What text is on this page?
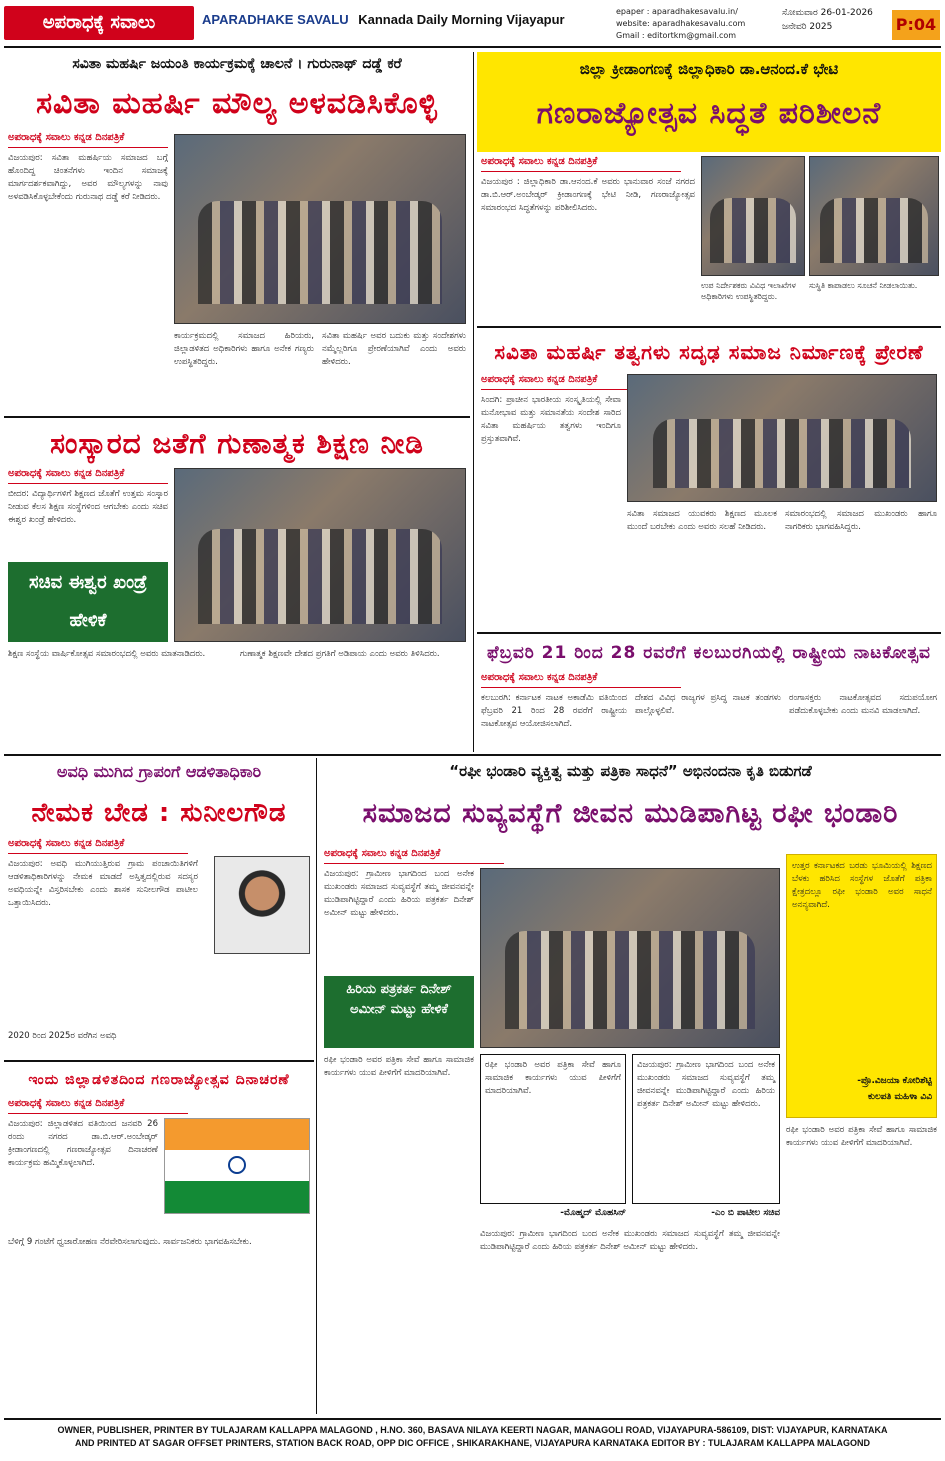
ಅಪರಾಧಕ್ಕೆ ಸವಾಲು	APARADHAKE SAVALU Kannada Daily Morning Vijayapur
epaper : aparadhakesavalu.in/
website: aparadhakesavalu.com
Gmail : editortkm@gmail.com
ಸೋಮವಾರ 26-01-2026
ಜನೇವರಿ 2025	P:04
ಸವಿತಾ ಮಹರ್ಷಿ ಜಯಂತಿ ಕಾರ್ಯಕ್ರಮಕ್ಕೆ ಚಾಲನೆ । ಗುರುನಾಥ್ ದಡ್ಡೆ ಕರೆ
ಸವಿತಾ ಮಹರ್ಷಿ ಮೌಲ್ಯ ಅಳವಡಿಸಿಕೊಳ್ಳಿ
ಅಪರಾಧಕ್ಕೆ ಸವಾಲು ಕನ್ನಡ ದಿನಪತ್ರಿಕೆ
ವಿಜಯಪುರ: ಸವಿತಾ ಮಹರ್ಷಿಯ ಸಮಾಜದ ಬಗ್ಗೆ ಹೊಂದಿದ್ದ ಚಿಂತನೆಗಳು ಇಂದಿನ ಸಮಾಜಕ್ಕೆ ಮಾರ್ಗದರ್ಶಕವಾಗಿದ್ದು, ಅವರ ಮೌಲ್ಯಗಳನ್ನು ನಾವು ಅಳವಡಿಸಿಕೊಳ್ಳಬೇಕೆಂದು ಗುರುನಾಥ ದಡ್ಡೆ ಕರೆ ನೀಡಿದರು.
ಕಾರ್ಯಕ್ರಮದಲ್ಲಿ ಸಮಾಜದ ಹಿರಿಯರು, ಜಿಲ್ಲಾಡಳಿತದ ಅಧಿಕಾರಿಗಳು ಹಾಗೂ ಅನೇಕ ಗಣ್ಯರು ಉಪಸ್ಥಿತರಿದ್ದರು.
ಸವಿತಾ ಮಹರ್ಷಿ ಅವರ ಬದುಕು ಮತ್ತು ಸಂದೇಶಗಳು ನಮ್ಮೆಲ್ಲರಿಗೂ ಪ್ರೇರಣೆಯಾಗಿವೆ ಎಂದು ಅವರು ಹೇಳಿದರು.
ಜಿಲ್ಲಾ ಕ್ರೀಡಾಂಗಣಕ್ಕೆ ಜಿಲ್ಲಾಧಿಕಾರಿ ಡಾ.ಆನಂದ.ಕೆ ಭೇಟಿ
ಗಣರಾಜ್ಯೋತ್ಸವ ಸಿದ್ಧತೆ ಪರಿಶೀಲನೆ
ಅಪರಾಧಕ್ಕೆ ಸವಾಲು ಕನ್ನಡ ದಿನಪತ್ರಿಕೆ
ವಿಜಯಪುರ : ಜಿಲ್ಲಾಧಿಕಾರಿ ಡಾ.ಆನಂದ.ಕೆ ಅವರು ಭಾನುವಾರ ಸಂಜೆ ನಗರದ ಡಾ.ಬಿ.ಆರ್.ಅಂಬೇಡ್ಕರ್ ಕ್ರೀಡಾಂಗಣಕ್ಕೆ ಭೇಟಿ ನೀಡಿ, ಗಣರಾಜ್ಯೋತ್ಸವ ಸಮಾರಂಭದ ಸಿದ್ಧತೆಗಳನ್ನು ಪರಿಶೀಲಿಸಿದರು.
ಉಪ ನಿರ್ದೇಶಕರು ವಿವಿಧ ಇಲಾಖೆಗಳ ಅಧಿಕಾರಿಗಳು ಉಪಸ್ಥಿತರಿದ್ದರು.
ಸುಸ್ಥಿತಿ ಕಾಪಾಡಲು ಸೂಚನೆ ನೀಡಲಾಯಿತು.
ಸವಿತಾ ಮಹರ್ಷಿ ತತ್ವಗಳು ಸದೃಢ ಸಮಾಜ ನಿರ್ಮಾಣಕ್ಕೆ ಪ್ರೇರಣೆ
ಅಪರಾಧಕ್ಕೆ ಸವಾಲು ಕನ್ನಡ ದಿನಪತ್ರಿಕೆ
ಸಿಂದಗಿ: ಪ್ರಾಚೀನ ಭಾರತೀಯ ಸಂಸ್ಕೃತಿಯಲ್ಲಿ ಸೇವಾ ಮನೋಭಾವ ಮತ್ತು ಸಮಾನತೆಯ ಸಂದೇಶ ಸಾರಿದ ಸವಿತಾ ಮಹರ್ಷಿಯ ತತ್ವಗಳು ಇಂದಿಗೂ ಪ್ರಸ್ತುತವಾಗಿವೆ.
ಸವಿತಾ ಸಮಾಜದ ಯುವಕರು ಶಿಕ್ಷಣದ ಮೂಲಕ ಮುಂದೆ ಬರಬೇಕು ಎಂದು ಅವರು ಸಲಹೆ ನೀಡಿದರು.
ಸಮಾರಂಭದಲ್ಲಿ ಸಮಾಜದ ಮುಖಂಡರು ಹಾಗೂ ನಾಗರಿಕರು ಭಾಗವಹಿಸಿದ್ದರು.
ಸಂಸ್ಕಾರದ ಜತೆಗೆ ಗುಣಾತ್ಮಕ ಶಿಕ್ಷಣ ನೀಡಿ
ಅಪರಾಧಕ್ಕೆ ಸವಾಲು ಕನ್ನಡ ದಿನಪತ್ರಿಕೆ
ಬೀದರ: ವಿದ್ಯಾರ್ಥಿಗಳಿಗೆ ಶಿಕ್ಷಣದ ಜೊತೆಗೆ ಉತ್ತಮ ಸಂಸ್ಕಾರ ನೀಡುವ ಕೆಲಸ ಶಿಕ್ಷಣ ಸಂಸ್ಥೆಗಳಿಂದ ಆಗಬೇಕು ಎಂದು ಸಚಿವ ಈಶ್ವರ ಖಂಡ್ರೆ ಹೇಳಿದರು.
ಸಚಿವ ಈಶ್ವರ ಖಂಡ್ರೆ ಹೇಳಿಕೆ
ಶಿಕ್ಷಣ ಸಂಸ್ಥೆಯ ವಾರ್ಷಿಕೋತ್ಸವ ಸಮಾರಂಭದಲ್ಲಿ ಅವರು ಮಾತನಾಡಿದರು.	ಗುಣಾತ್ಮಕ ಶಿಕ್ಷಣವೇ ದೇಶದ ಪ್ರಗತಿಗೆ ಅಡಿಪಾಯ ಎಂದು ಅವರು ತಿಳಿಸಿದರು.	ಫೆಬ್ರವರಿ 21 ರಿಂದ 28 ರವರೆಗೆ ಕಲಬುರಗಿಯಲ್ಲಿ ರಾಷ್ಟ್ರೀಯ ನಾಟಕೋತ್ಸವ
ಅಪರಾಧಕ್ಕೆ ಸವಾಲು ಕನ್ನಡ ದಿನಪತ್ರಿಕೆ
ಕಲಬುರಗಿ: ಕರ್ನಾಟಕ ನಾಟಕ ಅಕಾಡೆಮಿ ವತಿಯಿಂದ ಫೆಬ್ರವರಿ 21 ರಿಂದ 28 ರವರೆಗೆ ರಾಷ್ಟ್ರೀಯ ನಾಟಕೋತ್ಸವ ಆಯೋಜಿಸಲಾಗಿದೆ.
ದೇಶದ ವಿವಿಧ ರಾಜ್ಯಗಳ ಪ್ರಸಿದ್ಧ ನಾಟಕ ತಂಡಗಳು ಪಾಲ್ಗೊಳ್ಳಲಿವೆ.
ರಂಗಾಸಕ್ತರು ನಾಟಕೋತ್ಸವದ ಸದುಪಯೋಗ ಪಡೆದುಕೊಳ್ಳಬೇಕು ಎಂದು ಮನವಿ ಮಾಡಲಾಗಿದೆ.
ಅವಧಿ ಮುಗಿದ ಗ್ರಾಪಂಗೆ ಆಡಳಿತಾಧಿಕಾರಿ
ನೇಮಕ ಬೇಡ : ಸುನೀಲಗೌಡ
ಅಪರಾಧಕ್ಕೆ ಸವಾಲು ಕನ್ನಡ ದಿನಪತ್ರಿಕೆ
ವಿಜಯಪುರ: ಅವಧಿ ಮುಗಿಯುತ್ತಿರುವ ಗ್ರಾಮ ಪಂಚಾಯಿತಿಗಳಿಗೆ ಆಡಳಿತಾಧಿಕಾರಿಗಳನ್ನು ನೇಮಕ ಮಾಡದೆ ಅಸ್ತಿತ್ವದಲ್ಲಿರುವ ಸದಸ್ಯರ ಅವಧಿಯನ್ನೇ ವಿಸ್ತರಿಸಬೇಕು ಎಂದು ಶಾಸಕ ಸುನೀಲಗೌಡ ಪಾಟೀಲ ಒತ್ತಾಯಿಸಿದರು.
2020 ರಿಂದ 2025ರ ವರೆಗಿನ ಅವಧಿ
ಇಂದು ಜಿಲ್ಲಾಡಳಿತದಿಂದ ಗಣರಾಜ್ಯೋತ್ಸವ ದಿನಾಚರಣೆ
ಅಪರಾಧಕ್ಕೆ ಸವಾಲು ಕನ್ನಡ ದಿನಪತ್ರಿಕೆ
ವಿಜಯಪುರ: ಜಿಲ್ಲಾಡಳಿತದ ವತಿಯಿಂದ ಜನವರಿ 26 ರಂದು ನಗರದ ಡಾ.ಬಿ.ಆರ್.ಅಂಬೇಡ್ಕರ್ ಕ್ರೀಡಾಂಗಣದಲ್ಲಿ ಗಣರಾಜ್ಯೋತ್ಸವ ದಿನಾಚರಣೆ ಕಾರ್ಯಕ್ರಮ ಹಮ್ಮಿಕೊಳ್ಳಲಾಗಿದೆ.
ಬೆಳಿಗ್ಗೆ 9 ಗಂಟೆಗೆ ಧ್ವಜಾರೋಹಣ ನೆರವೇರಿಸಲಾಗುವುದು. ಸಾರ್ವಜನಿಕರು ಭಾಗವಹಿಸಬೇಕು.
“ರಫೀ ಭಂಡಾರಿ ವ್ಯಕ್ತಿತ್ವ ಮತ್ತು ಪತ್ರಿಕಾ ಸಾಧನೆ” ಅಭಿನಂದನಾ ಕೃತಿ ಬಿಡುಗಡೆ
ಸಮಾಜದ ಸುವ್ಯವಸ್ಥೆಗೆ ಜೀವನ ಮುಡಿಪಾಗಿಟ್ಟ ರಫೀ ಭಂಡಾರಿ
ಅಪರಾಧಕ್ಕೆ ಸವಾಲು ಕನ್ನಡ ದಿನಪತ್ರಿಕೆ
ವಿಜಯಪುರ: ಗ್ರಾಮೀಣ ಭಾಗದಿಂದ ಬಂದ ಅನೇಕ ಮುಖಂಡರು ಸಮಾಜದ ಸುವ್ಯವಸ್ಥೆಗೆ ತಮ್ಮ ಜೀವನವನ್ನೇ ಮುಡಿಪಾಗಿಟ್ಟಿದ್ದಾರೆ ಎಂದು ಹಿರಿಯ ಪತ್ರಕರ್ತ ದಿನೇಶ್ ಅಮೀನ್ ಮಟ್ಟು ಹೇಳಿದರು.
ಹಿರಿಯ ಪತ್ರಕರ್ತ ದಿನೇಶ್ ಅಮೀನ್ ಮಟ್ಟು ಹೇಳಿಕೆ
ಉತ್ತರ ಕರ್ನಾಟಕದ ಬರಡು ಭೂಮಿಯಲ್ಲಿ ಶಿಕ್ಷಣದ ಬೆಳಕು ಹರಿಸಿದ ಸಂಸ್ಥೆಗಳ ಜೊತೆಗೆ ಪತ್ರಿಕಾ ಕ್ಷೇತ್ರದಲ್ಲೂ ರಫೀ ಭಂಡಾರಿ ಅವರ ಸಾಧನೆ ಅನನ್ಯವಾಗಿದೆ.
-ಪ್ರೊ.ವಿಜಯಾ ಕೋರಿಶೆಟ್ಟಿ
ಕುಲಪತಿ ಮಹಿಳಾ ವಿವಿ
ರಫೀ ಭಂಡಾರಿ ಅವರ ಪತ್ರಿಕಾ ಸೇವೆ ಹಾಗೂ ಸಾಮಾಜಿಕ ಕಾರ್ಯಗಳು ಯುವ ಪೀಳಿಗೆಗೆ ಮಾದರಿಯಾಗಿವೆ.
ರಫೀ ಭಂಡಾರಿ ಅವರ ಪತ್ರಿಕಾ ಸೇವೆ ಹಾಗೂ ಸಾಮಾಜಿಕ ಕಾರ್ಯಗಳು ಯುವ ಪೀಳಿಗೆಗೆ ಮಾದರಿಯಾಗಿವೆ.
-ಮೊಹ್ಮದ್ ಮೊಹಸಿನ್
ವಿಜಯಪುರ: ಗ್ರಾಮೀಣ ಭಾಗದಿಂದ ಬಂದ ಅನೇಕ ಮುಖಂಡರು ಸಮಾಜದ ಸುವ್ಯವಸ್ಥೆಗೆ ತಮ್ಮ ಜೀವನವನ್ನೇ ಮುಡಿಪಾಗಿಟ್ಟಿದ್ದಾರೆ ಎಂದು ಹಿರಿಯ ಪತ್ರಕರ್ತ ದಿನೇಶ್ ಅಮೀನ್ ಮಟ್ಟು ಹೇಳಿದರು.
-ಎಂ ಬಿ ಪಾಟೀಲ ಸಚಿವ
ವಿಜಯಪುರ: ಗ್ರಾಮೀಣ ಭಾಗದಿಂದ ಬಂದ ಅನೇಕ ಮುಖಂಡರು ಸಮಾಜದ ಸುವ್ಯವಸ್ಥೆಗೆ ತಮ್ಮ ಜೀವನವನ್ನೇ ಮುಡಿಪಾಗಿಟ್ಟಿದ್ದಾರೆ ಎಂದು ಹಿರಿಯ ಪತ್ರಕರ್ತ ದಿನೇಶ್ ಅಮೀನ್ ಮಟ್ಟು ಹೇಳಿದರು.
ರಫೀ ಭಂಡಾರಿ ಅವರ ಪತ್ರಿಕಾ ಸೇವೆ ಹಾಗೂ ಸಾಮಾಜಿಕ ಕಾರ್ಯಗಳು ಯುವ ಪೀಳಿಗೆಗೆ ಮಾದರಿಯಾಗಿವೆ.
OWNER, PUBLISHER, PRINTER BY TULAJARAM KALLAPPA MALAGOND , H.NO. 360, BASAVA NILAYA KEERTI NAGAR, MANAGOLI ROAD, VIJAYAPURA-586109, DIST: VIJAYAPUR, KARNATAKA
AND PRINTED AT SAGAR OFFSET PRINTERS, STATION BACK ROAD, OPP DIC OFFICE , SHIKARAKHANE, VIJAYAPURA KARNATAKA EDITOR BY : TULAJARAM KALLAPPA MALAGOND
